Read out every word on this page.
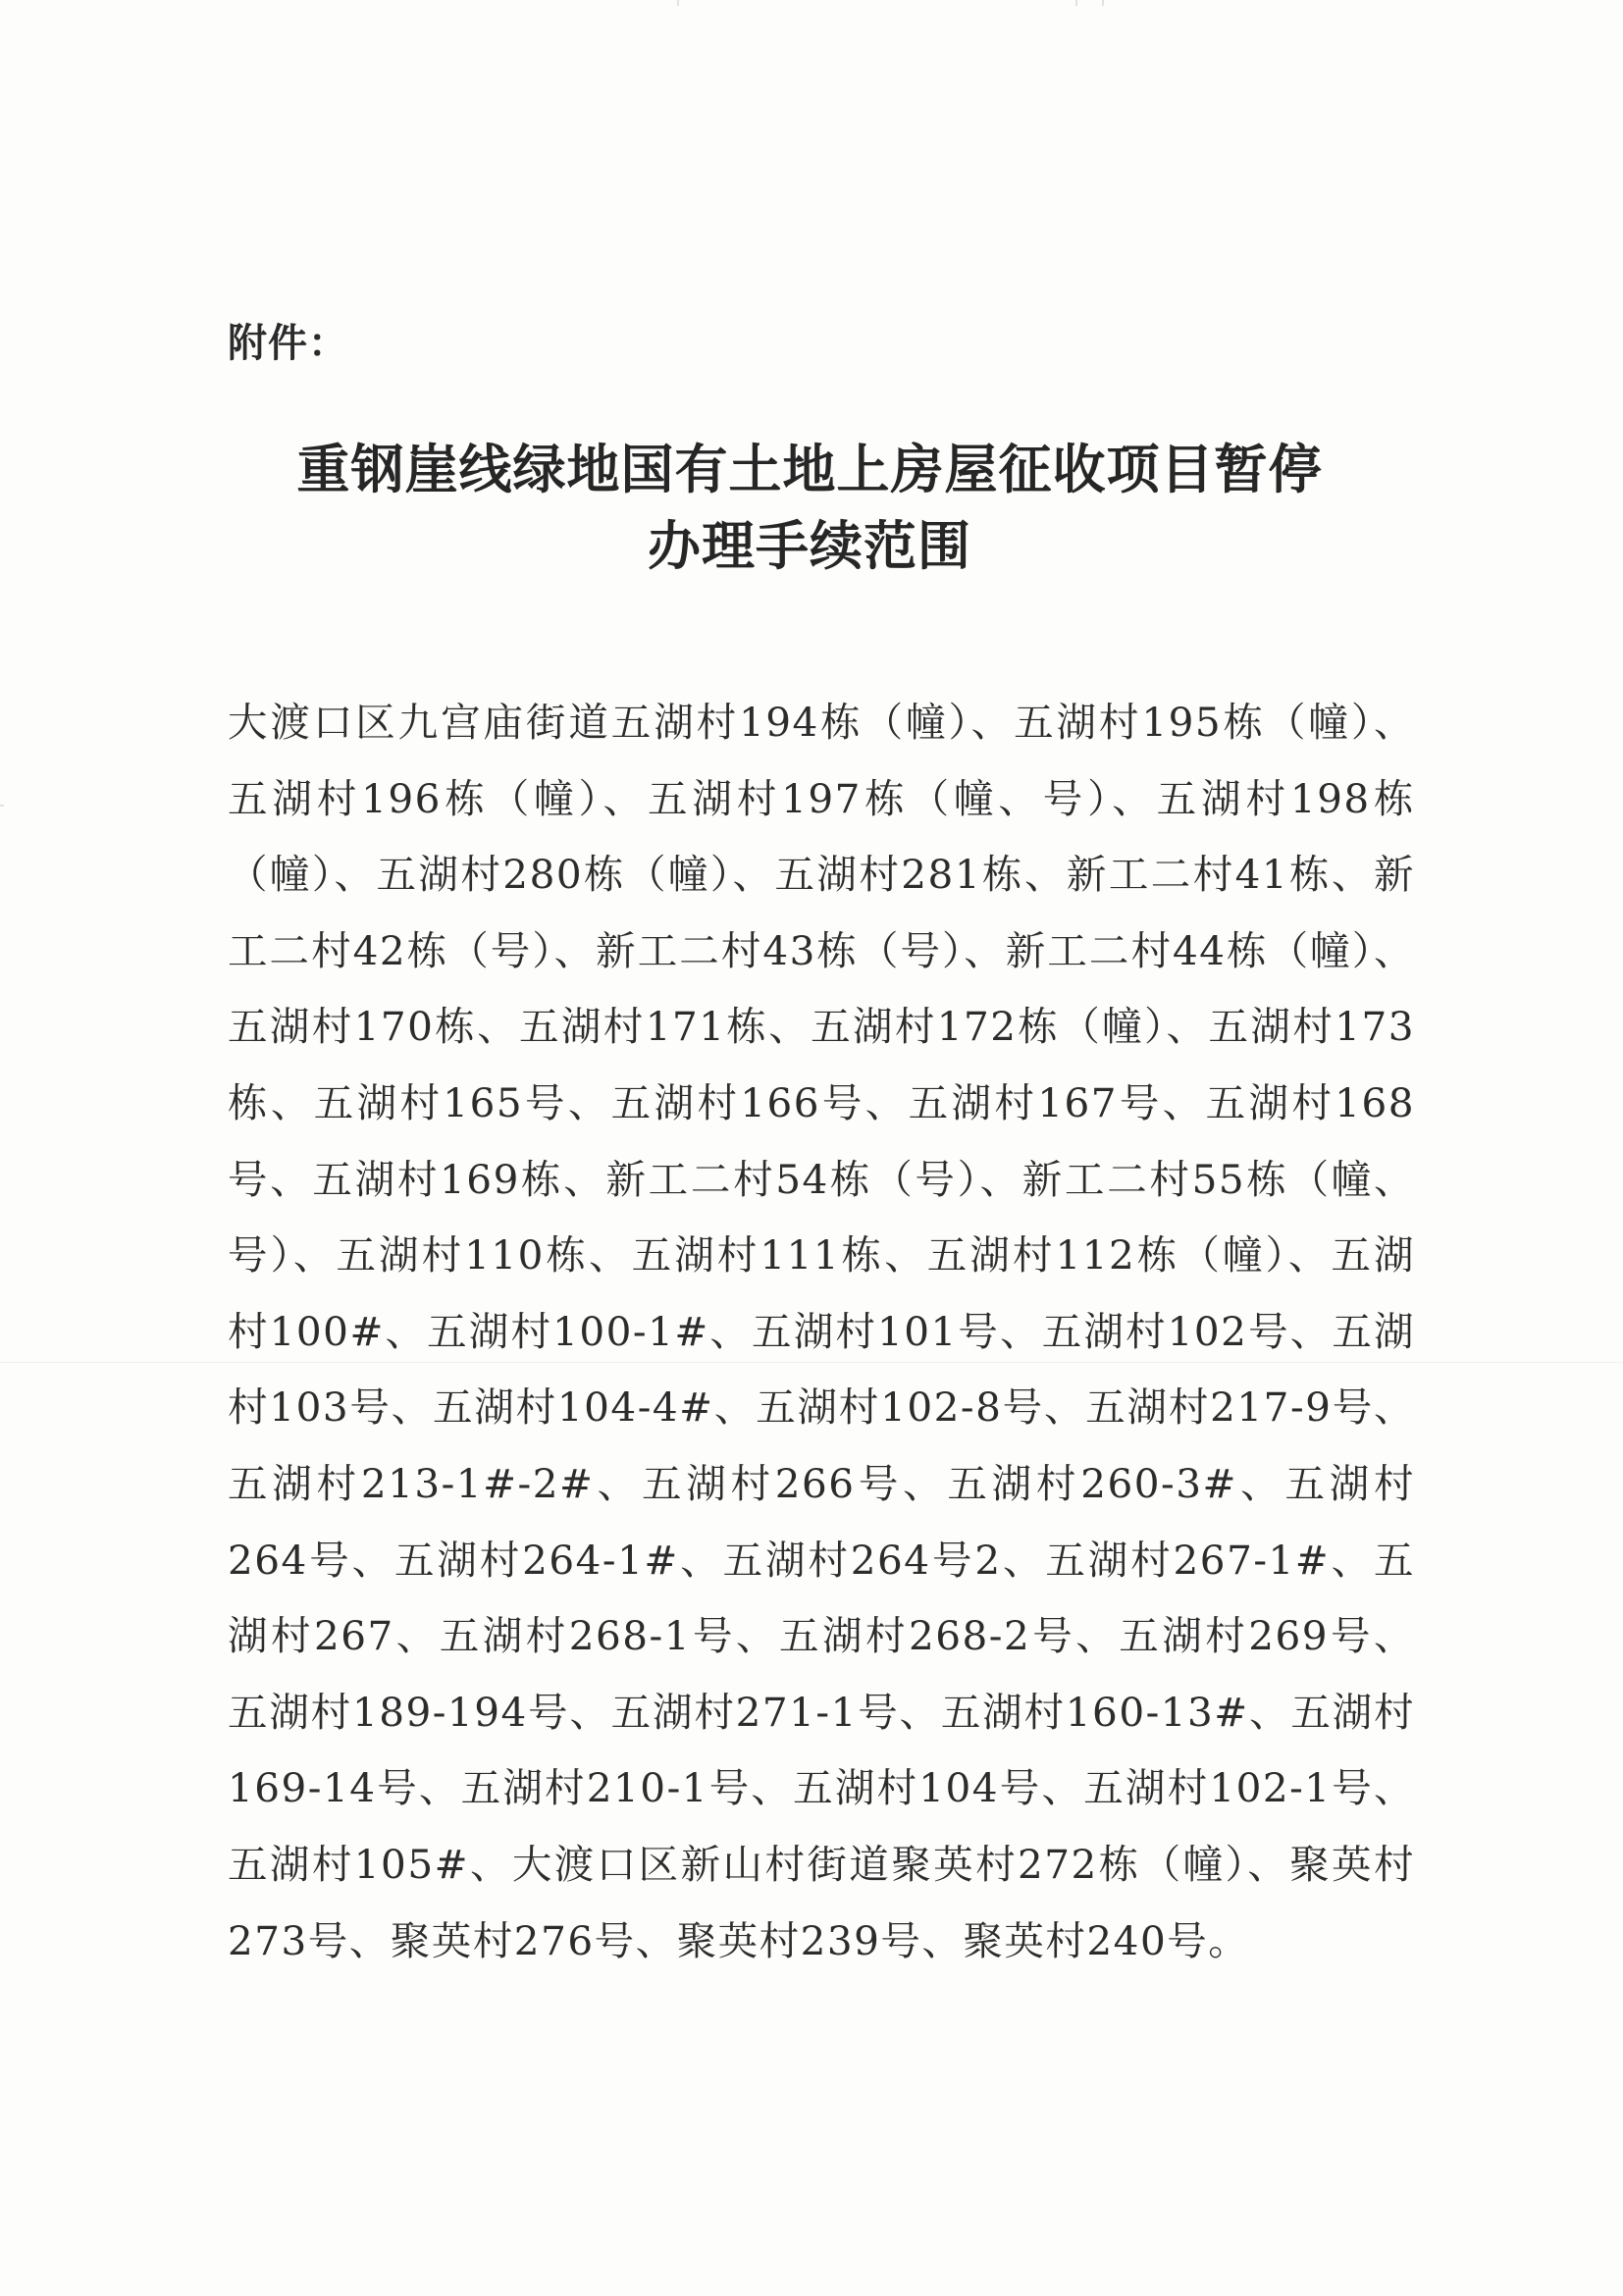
附件：
重钢崖线绿地国有土地上房屋征收项目暂停
办理手续范围
大渡口区九宫庙街道五湖村194栋（幢）、五湖村195栋（幢）、五湖村196栋（幢）、五湖村197栋（幢、号）、五湖村198栋（幢）、五湖村280栋（幢）、五湖村281栋、新工二村41栋、新工二村42栋（号）、新工二村43栋（号）、新工二村44栋（幢）、五湖村170栋、五湖村171栋、五湖村172栋（幢）、五湖村173栋、五湖村165号、五湖村166号、五湖村167号、五湖村168号、五湖村169栋、新工二村54栋（号）、新工二村55栋（幢、号）、五湖村110栋、五湖村111栋、五湖村112栋（幢）、五湖村100#、五湖村100-1#、五湖村101号、五湖村102号、五湖村103号、五湖村104-4#、五湖村102-8号、五湖村217-9号、五湖村213-1#-2#、五湖村266号、五湖村260-3#、五湖村264号、五湖村264-1#、五湖村264号2、五湖村267-1#、五湖村267、五湖村268-1号、五湖村268-2号、五湖村269号、五湖村189-194号、五湖村271-1号、五湖村160-13#、五湖村169-14号、五湖村210-1号、五湖村104号、五湖村102-1号、五湖村105#、大渡口区新山村街道聚英村272栋（幢）、聚英村273号、聚英村276号、聚英村239号、聚英村240号。
